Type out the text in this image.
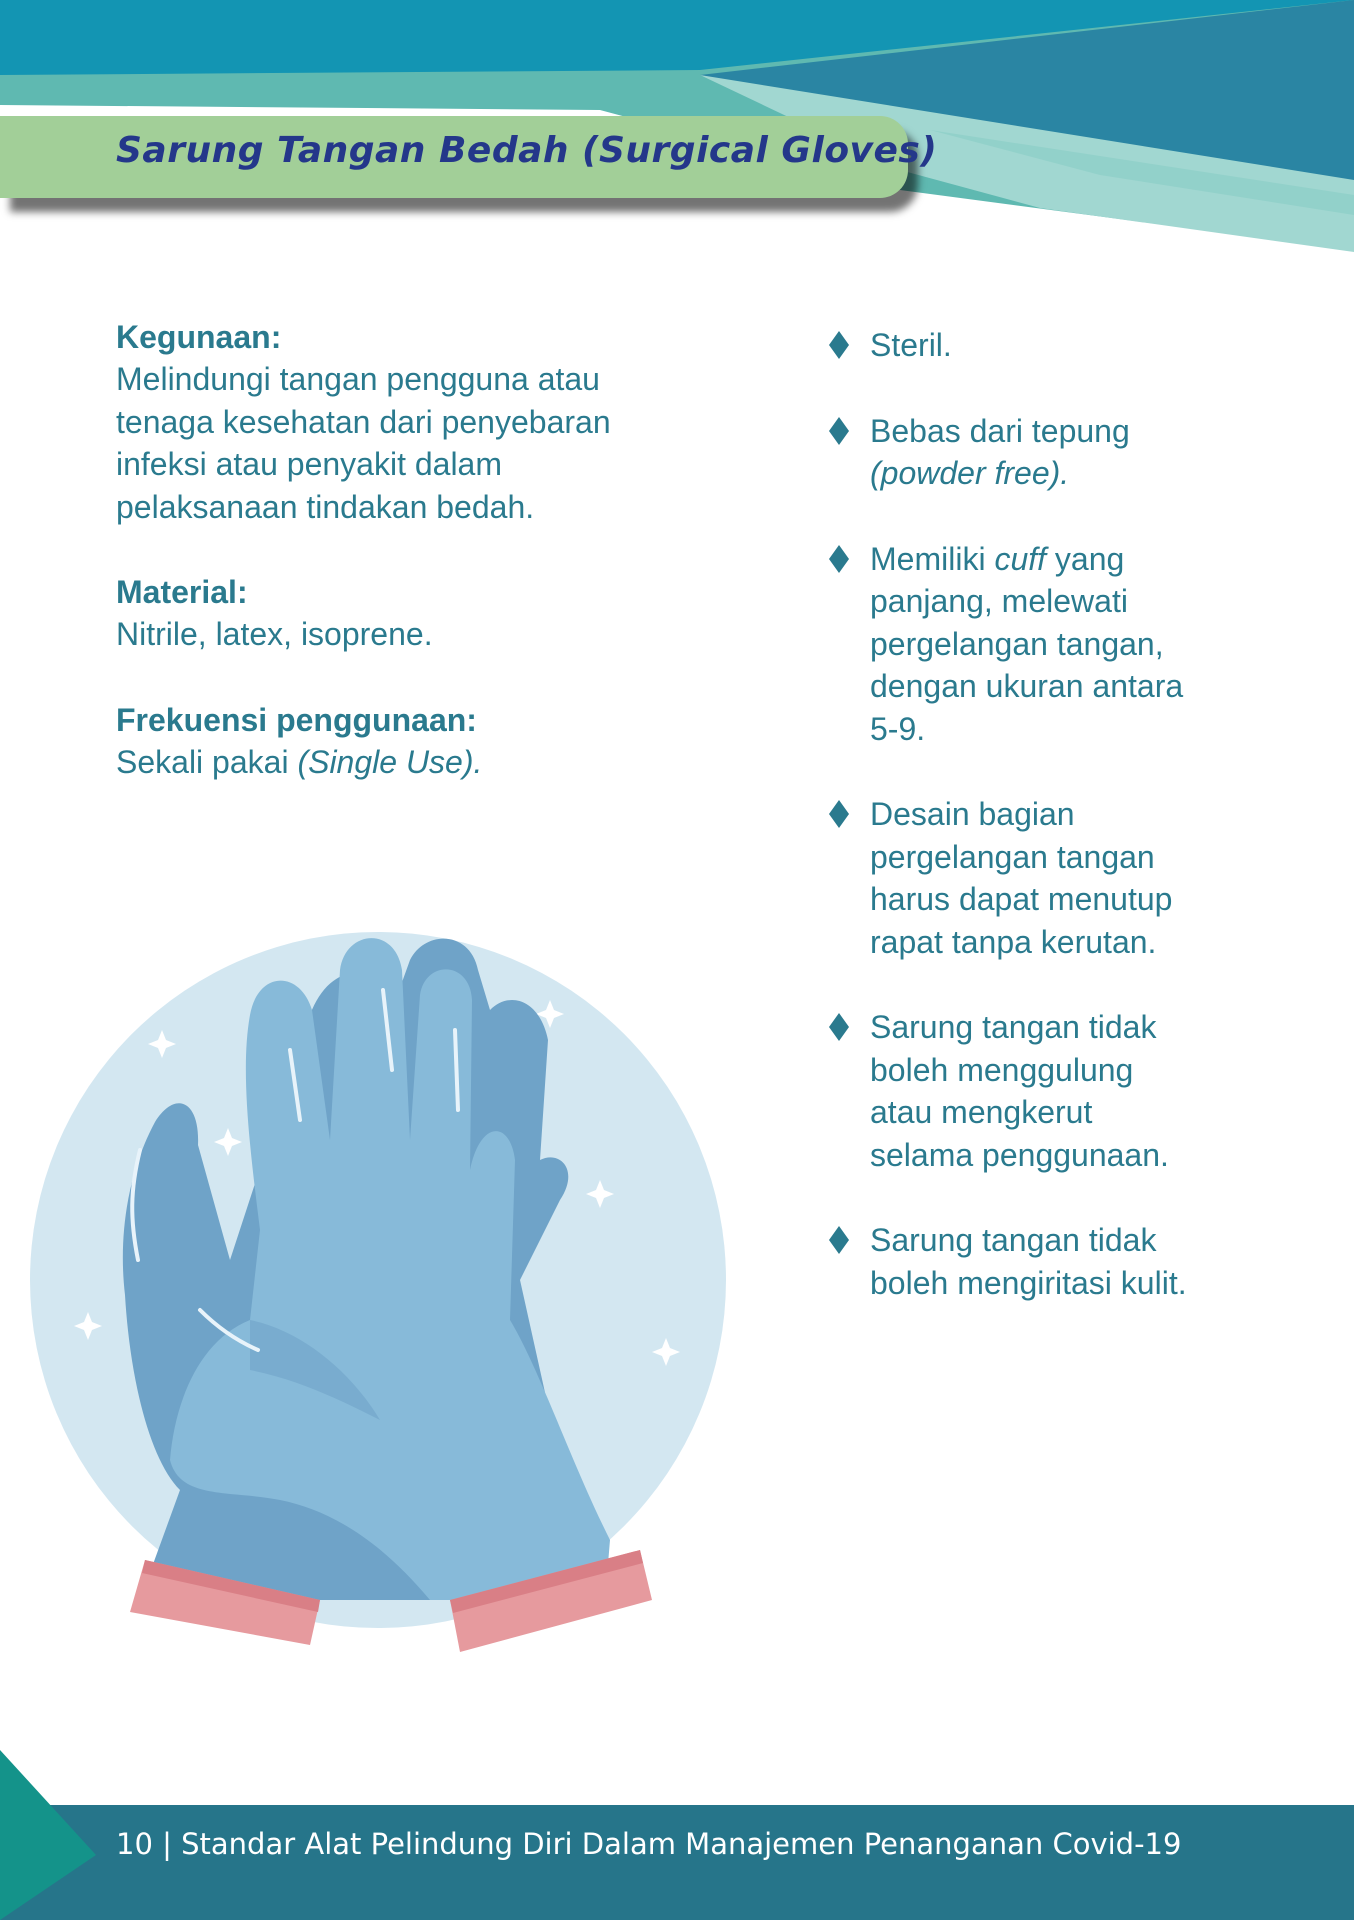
Sarung Tangan Bedah (Surgical Gloves)
Kegunaan:
Melindungi tangan pengguna atau
tenaga kesehatan dari penyebaran
infeksi atau penyakit dalam
pelaksanaan tindakan bedah.
Material:
Nitrile, latex, isoprene.
Frekuensi penggunaan:
Sekali pakai (Single Use).
Steril.
Bebas dari tepung
(powder free).
Memiliki cuff yang
panjang, melewati
pergelangan tangan,
dengan ukuran antara
5-9.
Desain bagian
pergelangan tangan
harus dapat menutup
rapat tanpa kerutan.
Sarung tangan tidak
boleh menggulung
atau mengkerut
selama penggunaan.
Sarung tangan tidak
boleh mengiritasi kulit.
10 | Standar Alat Pelindung Diri Dalam Manajemen Penanganan Covid-19
